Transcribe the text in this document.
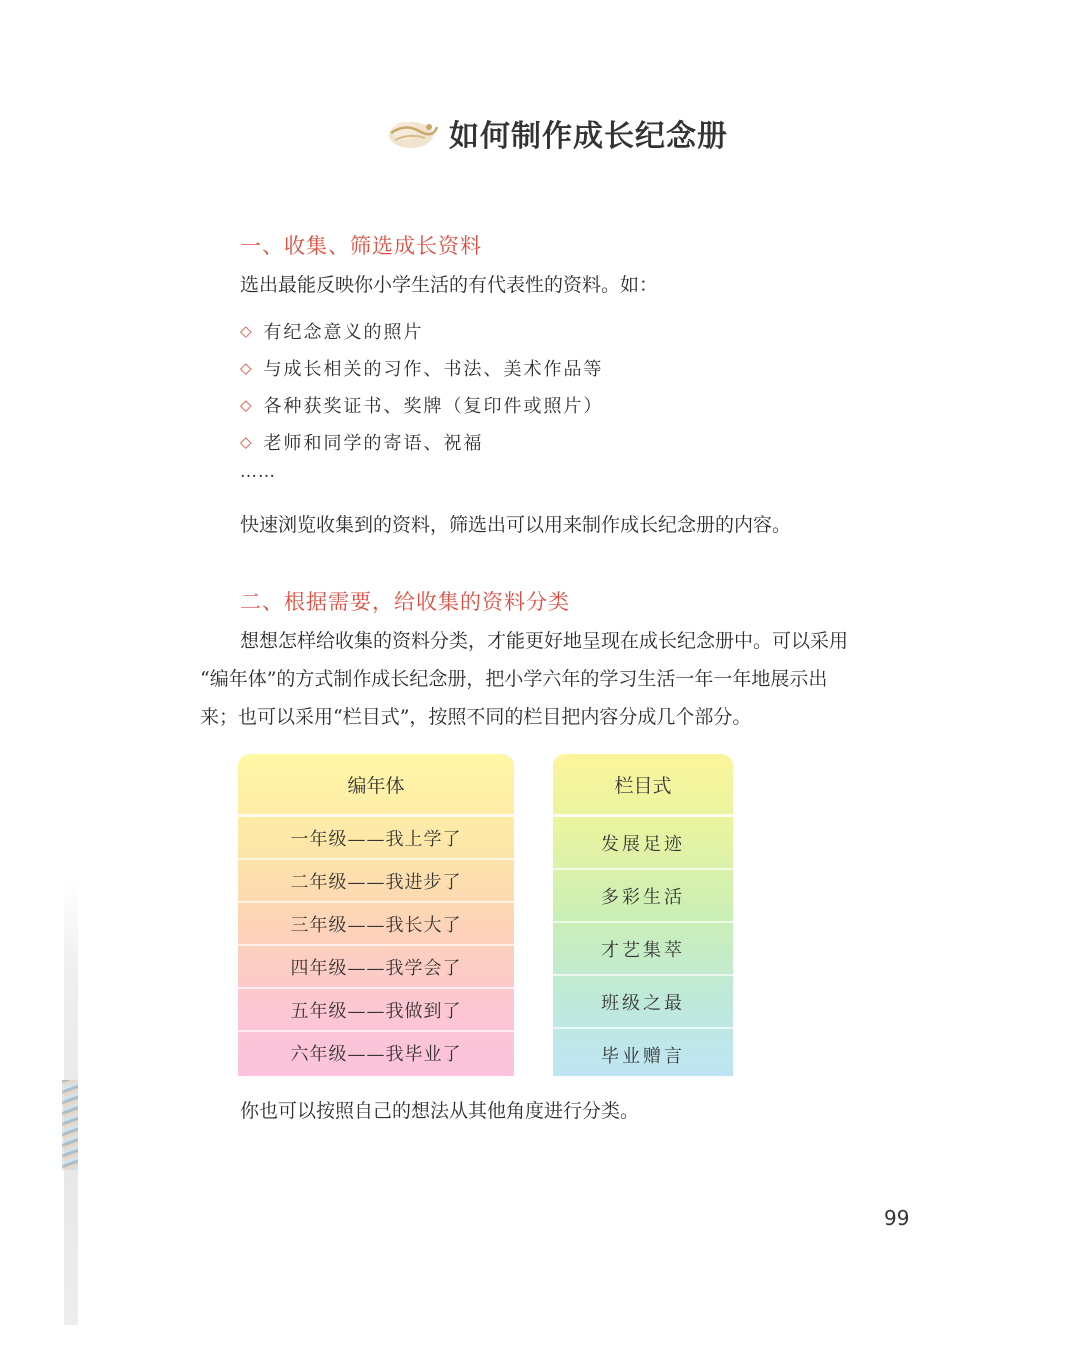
如何制作成长纪念册
一、收集、筛选成长资料
选出最能反映你小学生活的有代表性的资料。如：
◇ 有纪念意义的照片
◇ 与成长相关的习作、书法、美术作品等
◇ 各种获奖证书、奖牌（复印件或照片）
◇ 老师和同学的寄语、祝福
……
快速浏览收集到的资料，筛选出可以用来制作成长纪念册的内容。
二、根据需要，给收集的资料分类
想想怎样给收集的资料分类，才能更好地呈现在成长纪念册中。可以采用
“编年体”的方式制作成长纪念册，把小学六年的学习生活一年一年地展示出
来；也可以采用“栏目式”，按照不同的栏目把内容分成几个部分。
编年体
一年级——我上学了
二年级——我进步了
三年级——我长大了
四年级——我学会了
五年级——我做到了
六年级——我毕业了
栏目式
发展足迹
多彩生活
才艺集萃
班级之最
毕业赠言
你也可以按照自己的想法从其他角度进行分类。
99
